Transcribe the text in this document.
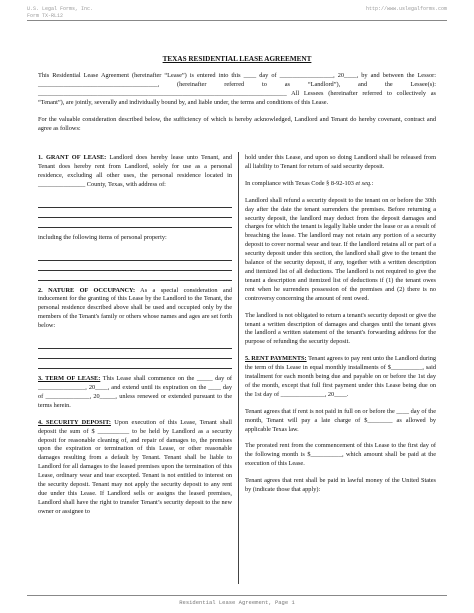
U.S. Legal Forms, Inc.
Form TX-RL12
http://www.uslegalforms.com
TEXAS RESIDENTIAL LEASE AGREEMENT

This Residential Lease Agreement (hereinafter “Lease”) is entered into this ____ day of _________________, 20____, by and between the Lessor: ______________________________________, (hereinafter referred to as “Landlord”), and the Lessee(s): _______________________________________________________________________________ All Lessees (hereinafter referred to collectively as “Tenant”), are jointly, severally and individually bound by, and liable under, the terms and conditions of this Lease.

For the valuable consideration described below, the sufficiency of which is hereby acknowledged, Landlord and Tenant do hereby covenant, contract and agree as follows:

1. GRANT OF LEASE: Landlord does hereby lease unto Tenant, and Tenant does hereby rent from Landlord, solely for use as a personal residence, excluding all other uses, the personal residence located in _______________ County, Texas, with address of:

including the following items of personal property:

2. NATURE OF OCCUPANCY: As a special consideration and inducement for the granting of this Lease by the Landlord to the Tenant, the personal residence described above shall be used and occupied only by the members of the Tenant's family or others whose names and ages are set forth below:

3. TERM OF LEASE: This Lease shall commence on the _____ day of _______________, 20____, and extend until its expiration on the ____ day of ______________, 20_____, unless renewed or extended pursuant to the terms herein.

4. SECURITY DEPOSIT: Upon execution of this Lease, Tenant shall deposit the sum of $ __________ to be held by Landlord as a security deposit for reasonable cleaning of, and repair of damages to, the premises upon the expiration or termination of this Lease, or other reasonable damages resulting from a default by Tenant. Tenant shall be liable to Landlord for all damages to the leased premises upon the termination of this Lease, ordinary wear and tear excepted. Tenant is not entitled to interest on the security deposit. Tenant may not apply the security deposit to any rent due under this Lease. If Landlord sells or assigns the leased premises, Landlord shall have the right to transfer Tenant’s security deposit to the new owner or assignee to

hold under this Lease, and upon so doing Landlord shall be released from all liability to Tenant for return of said security deposit.

In compliance with Texas Code § 8-92-103 et seq.:

Landlord shall refund a security deposit to the tenant on or before the 30th day after the date the tenant surrenders the premises. Before returning a security deposit, the landlord may deduct from the deposit damages and charges for which the tenant is legally liable under the lease or as a result of breaching the lease. The landlord may not retain any portion of a security deposit to cover normal wear and tear. If the landlord retains all or part of a security deposit under this section, the landlord shall give to the tenant the balance of the security deposit, if any, together with a written description and itemized list of all deductions. The landlord is not required to give the tenant a description and itemized list of deductions if (1) the tenant owes rent when he surrenders possession of the premises and (2) there is no controversy concerning the amount of rent owed.

The landlord is not obligated to return a tenant's security deposit or give the tenant a written description of damages and charges until the tenant gives the landlord a written statement of the tenant's forwarding address for the purpose of refunding the security deposit.

5. RENT PAYMENTS: Tenant agrees to pay rent unto the Landlord during the term of this Lease in equal monthly installments of $__________, said installment for each month being due and payable on or before the 1st day of the month, except that full first payment under this Lease being due on the 1st day of ______________, 20____.

Tenant agrees that if rent is not paid in full on or before the ____ day of the month, Tenant will pay a late charge of $________ as allowed by applicable Texas law.

The prorated rent from the commencement of this Lease to the first day of the following month is $__________, which amount shall be paid at the execution of this Lease.

Tenant agrees that rent shall be paid in lawful money of the United States by (indicate those that apply):

Residential Lease Agreement, Page 1
